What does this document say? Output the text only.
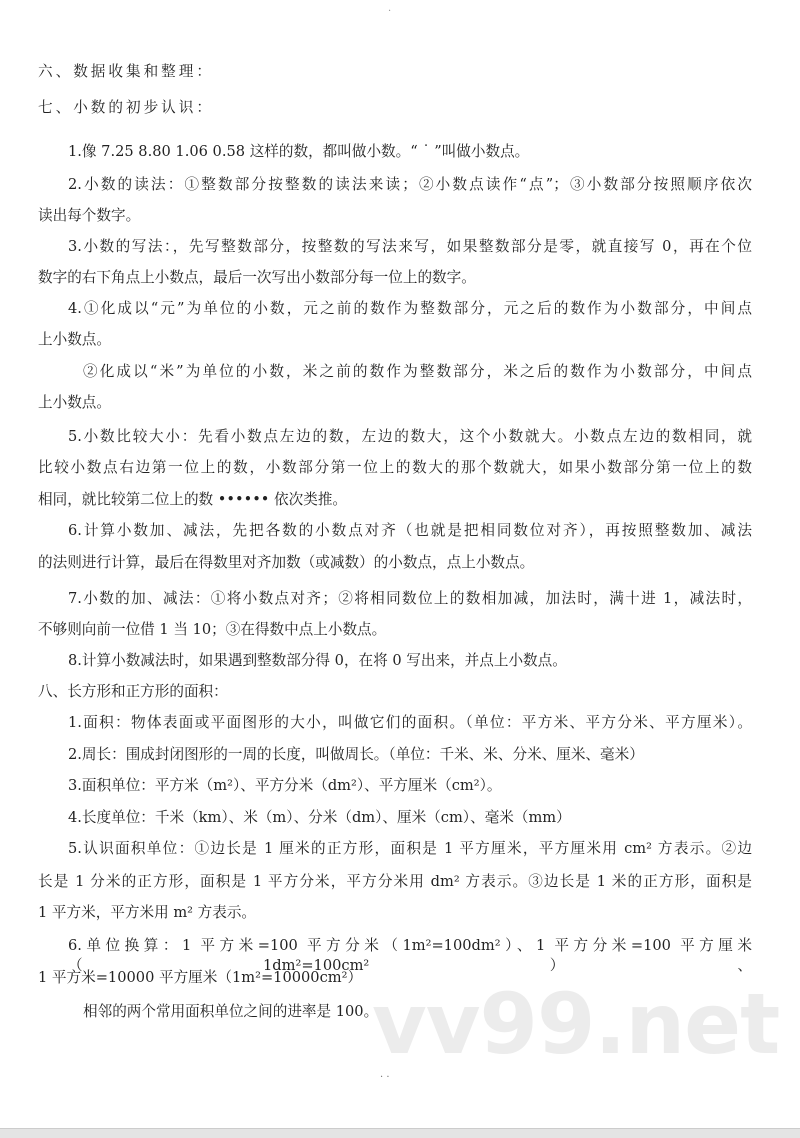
·
六、数据收集和整理：
七、小数的初步认识：
1.像 7.25 8.80 1.06 0.58 这样的数，都叫做小数。“ ˙ ”叫做小数点。
2.小数的读法：①整数部分按整数的读法来读；②小数点读作“点”；③小数部分按照顺序依次
读出每个数字。
3.小数的写法：，先写整数部分，按整数的写法来写，如果整数部分是零，就直接写 0，再在个位
数字的右下角点上小数点，最后一次写出小数部分每一位上的数字。
4.①化成以“元”为单位的小数，元之前的数作为整数部分，元之后的数作为小数部分，中间点
上小数点。
②化成以“米”为单位的小数，米之前的数作为整数部分，米之后的数作为小数部分，中间点
上小数点。
5.小数比较大小：先看小数点左边的数，左边的数大，这个小数就大。小数点左边的数相同，就
比较小数点右边第一位上的数，小数部分第一位上的数大的那个数就大，如果小数部分第一位上的数
相同，就比较第二位上的数 •••••• 依次类推。
6.计算小数加、减法，先把各数的小数点对齐（也就是把相同数位对齐），再按照整数加、减法
的法则进行计算，最后在得数里对齐加数（或减数）的小数点，点上小数点。
7.小数的加、减法：①将小数点对齐；②将相同数位上的数相加减，加法时，满十进 1，减法时，
不够则向前一位借 1 当 10；③在得数中点上小数点。
8.计算小数减法时，如果遇到整数部分得 0，在将 0 写出来，并点上小数点。
八、长方形和正方形的面积：
1.面积：物体表面或平面图形的大小，叫做它们的面积。（单位：平方米、平方分米、平方厘米）。
2.周长：围成封闭图形的一周的长度，叫做周长。（单位：千米、米、分米、厘米、毫米）
3.面积单位：平方米（m²）、平方分米（dm²）、平方厘米（cm²）。
4.长度单位：千米（km）、米（m）、分米（dm）、厘米（cm）、毫米（mm）
5.认识面积单位：①边长是 1 厘米的正方形，面积是 1 平方厘米，平方厘米用 cm² 方表示。②边
长是 1 分米的正方形，面积是 1 平方分米，平方分米用 dm² 方表示。③边长是 1 米的正方形，面积是
1 平方米，平方米用 m² 方表示。
6.单位换算：1 平方米=100 平方分米（1m²=100dm²）、1 平方分米=100 平方厘米（1dm²=100cm²）、
1 平方米=10000 平方厘米（1m²=10000cm²）
相邻的两个常用面积单位之间的进率是 100。
vv99.net
· ·
